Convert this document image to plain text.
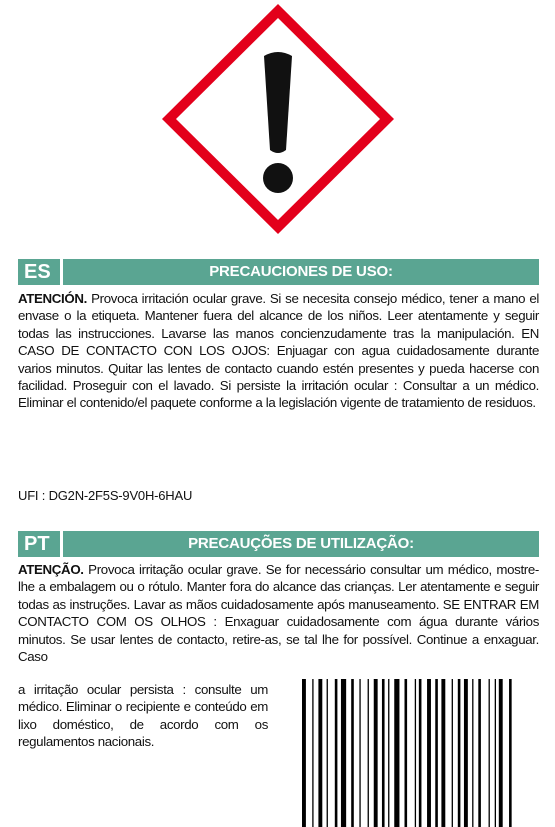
ES	PRECAUCIONES DE USO:
ATENCIÓN. Provoca irritación ocular grave. Si se necesita consejo médico, tener a mano el envase o la etiqueta. Mantener fuera del alcance de los niños. Leer atentamente y seguir todas las instrucciones. Lavarse las manos concienzudamente tras la manipulación. EN CASO DE CONTACTO CON LOS OJOS: Enjuagar con agua cuidadosamente durante varios minutos. Quitar las lentes de contacto cuando estén presentes y pueda hacerse con facilidad. Proseguir con el lavado. Si persiste la irritación ocular : Consultar a un médico. Eliminar el contenido/el paquete conforme a la legislación vigente de tratamiento de residuos.
UFI : DG2N-2F5S-9V0H-6HAU
PT	PRECAUÇÕES DE UTILIZAÇÃO:
ATENÇÃO. Provoca irritação ocular grave. Se for necessário consultar um médico, mostre-lhe a embalagem ou o rótulo. Manter fora do alcance das crianças. Ler atentamente e seguir todas as instruções. Lavar as mãos cuidadosamente após manuseamento. SE ENTRAR EM CONTACTO COM OS OLHOS : Enxaguar cuidadosamente com água durante vários minutos. Se usar lentes de contacto, retire-as, se tal lhe for possível. Continue a enxaguar. Caso
a irritação ocular persista : consulte um médico. Eliminar o recipiente e conteúdo em lixo doméstico, de acordo com os regulamentos nacionais.
